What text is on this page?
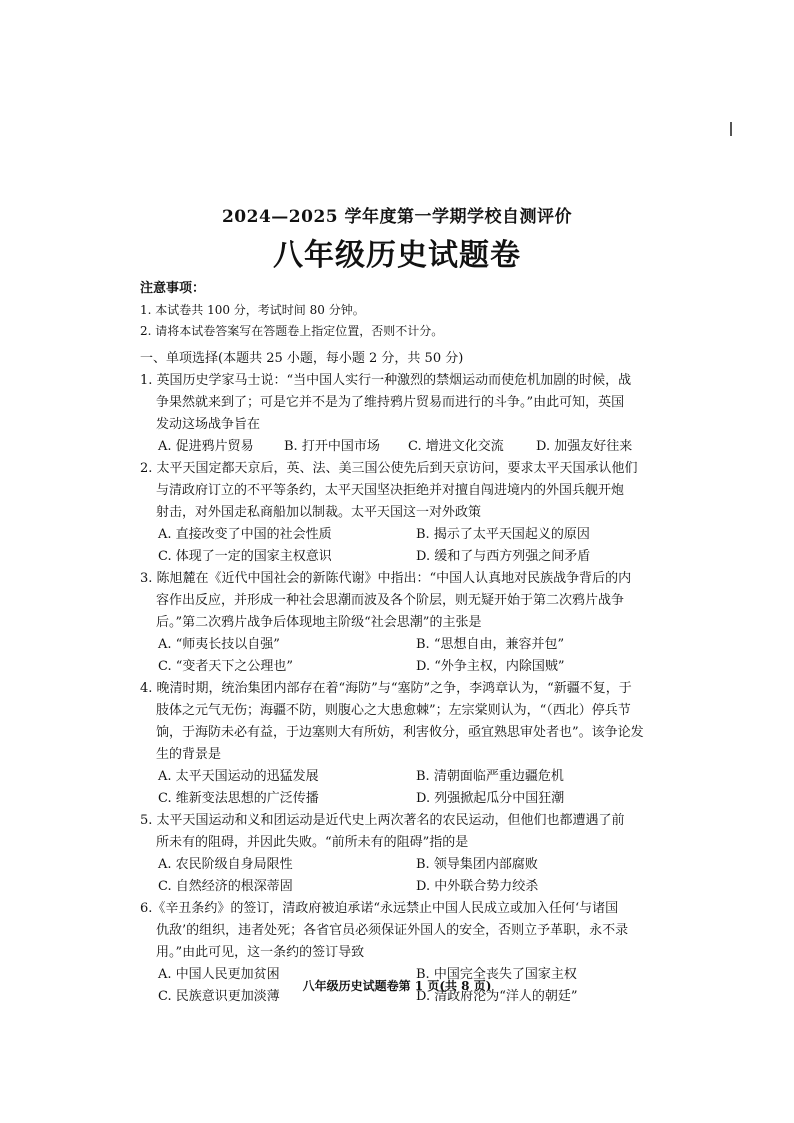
2024—2025 学年度第一学期学校自测评价
八年级历史试题卷
注意事项：
1. 本试卷共 100 分，考试时间 80 分钟。
2. 请将本试卷答案写在答题卷上指定位置，否则不计分。
一、单项选择(本题共 25 小题，每小题 2 分，共 50 分)
1. 英国历史学家马士说：“当中国人实行一种激烈的禁烟运动而使危机加剧的时候，战
争果然就来到了；可是它并不是为了维持鸦片贸易而进行的斗争。”由此可知，英国
发动这场战争旨在
A. 促进鸦片贸易	B. 打开中国市场	C. 增进文化交流	D. 加强友好往来
2. 太平天国定都天京后，英、法、美三国公使先后到天京访问，要求太平天国承认他们
与清政府订立的不平等条约，太平天国坚决拒绝并对擅自闯进境内的外国兵舰开炮
射击，对外国走私商船加以制裁。太平天国这一对外政策
A. 直接改变了中国的社会性质	B. 揭示了太平天国起义的原因
C. 体现了一定的国家主权意识	D. 缓和了与西方列强之间矛盾
3. 陈旭麓在《近代中国社会的新陈代谢》中指出：“中国人认真地对民族战争背后的内
容作出反应，并形成一种社会思潮而波及各个阶层，则无疑开始于第二次鸦片战争
后。”第二次鸦片战争后体现地主阶级“社会思潮”的主张是
A. “师夷长技以自强”	B. “思想自由，兼容并包”
C. “变者天下之公理也”	D. “外争主权，内除国贼”
4. 晚清时期，统治集团内部存在着“海防”与“塞防”之争，李鸿章认为，“新疆不复，于
肢体之元气无伤；海疆不防，则腹心之大患愈棘”；左宗棠则认为，“（西北）停兵节
饷，于海防未必有益，于边塞则大有所妨，利害攸分，亟宜熟思审处者也”。该争论发
生的背景是
A. 太平天国运动的迅猛发展	B. 清朝面临严重边疆危机
C. 维新变法思想的广泛传播	D. 列强掀起瓜分中国狂潮
5. 太平天国运动和义和团运动是近代史上两次著名的农民运动，但他们也都遭遇了前
所未有的阻碍，并因此失败。“前所未有的阻碍”指的是
A. 农民阶级自身局限性	B. 领导集团内部腐败
C. 自然经济的根深蒂固	D. 中外联合势力绞杀
6.《辛丑条约》的签订，清政府被迫承诺“永远禁止中国人民成立或加入任何‘与诸国
仇敌’的组织，违者处死；各省官员必须保证外国人的安全，否则立予革职，永不录
用。”由此可见，这一条约的签订导致
A. 中国人民更加贫困	B. 中国完全丧失了国家主权
C. 民族意识更加淡薄	D. 清政府沦为“洋人的朝廷”
八年级历史试题卷第 1 页(共 8 页)
